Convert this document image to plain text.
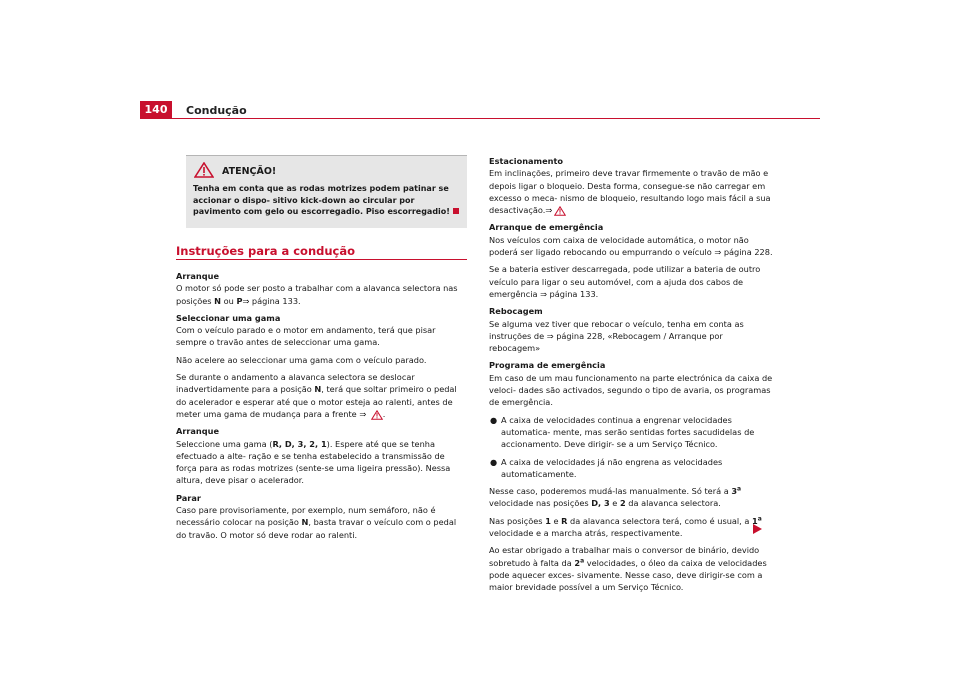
140	Condução
ATENÇÃO!
Tenha em conta que as rodas motrizes podem patinar se accionar o dispo- sitivo kick-down ao circular por pavimento com gelo ou escorregadio. Piso escorregadio!
Instruções para a condução
Arranque

O motor só pode ser posto a trabalhar com a alavanca selectora nas posições N ou P⇒ página 133.

Seleccionar uma gama

Com o veículo parado e o motor em andamento, terá que pisar sempre o travão antes de seleccionar uma gama.

Não acelere ao seleccionar uma gama com o veículo parado.

Se durante o andamento a alavanca selectora se deslocar inadvertidamente para a posição N, terá que soltar primeiro o pedal do acelerador e esperar até que o motor esteja ao ralenti, antes de meter uma gama de mudança para a frente ⇒ .

Arranque

Seleccione uma gama (R, D, 3, 2, 1). Espere até que se tenha efectuado a alte- ração e se tenha estabelecido a transmissão de força para as rodas motrizes (sente-se uma ligeira pressão). Nessa altura, deve pisar o acelerador.

Parar

Caso pare provisoriamente, por exemplo, num semáforo, não é necessário colocar na posição N, basta travar o veículo com o pedal do travão. O motor só deve rodar ao ralenti.

Estacionamento

Em inclinações, primeiro deve travar firmemente o travão de mão e depois ligar o bloqueio. Desta forma, consegue-se não carregar em excesso o meca- nismo de bloqueio, resultando logo mais fácil a sua desactivação.⇒

Arranque de emergência

Nos veículos com caixa de velocidade automática, o motor não poderá ser ligado rebocando ou empurrando o veículo ⇒ página 228.

Se a bateria estiver descarregada, pode utilizar a bateria de outro veículo para ligar o seu automóvel, com a ajuda dos cabos de emergência ⇒ página 133.

Rebocagem

Se alguma vez tiver que rebocar o veículo, tenha em conta as instruções de ⇒ página 228, «Rebocagem / Arranque por rebocagem»

Programa de emergência

Em caso de um mau funcionamento na parte electrónica da caixa de veloci- dades são activados, segundo o tipo de avaria, os programas de emergência.

● A caixa de velocidades continua a engrenar velocidades automatica- mente, mas serão sentidas fortes sacudidelas de accionamento. Deve dirigir- se a um Serviço Técnico.

● A caixa de velocidades já não engrena as velocidades automaticamente.

Nesse caso, poderemos mudá-las manualmente. Só terá a 3$^a$ velocidade nas posições D, 3 e 2 da alavanca selectora.

Nas posições 1 e R da alavanca selectora terá, como é usual, a 1$^a$ velocidade e a marcha atrás, respectivamente.

Ao estar obrigado a trabalhar mais o conversor de binário, devido sobretudo à falta da 2$^a$ velocidades, o óleo da caixa de velocidades pode aquecer exces- sivamente. Nesse caso, deve dirigir-se com a maior brevidade possível a um Serviço Técnico.
